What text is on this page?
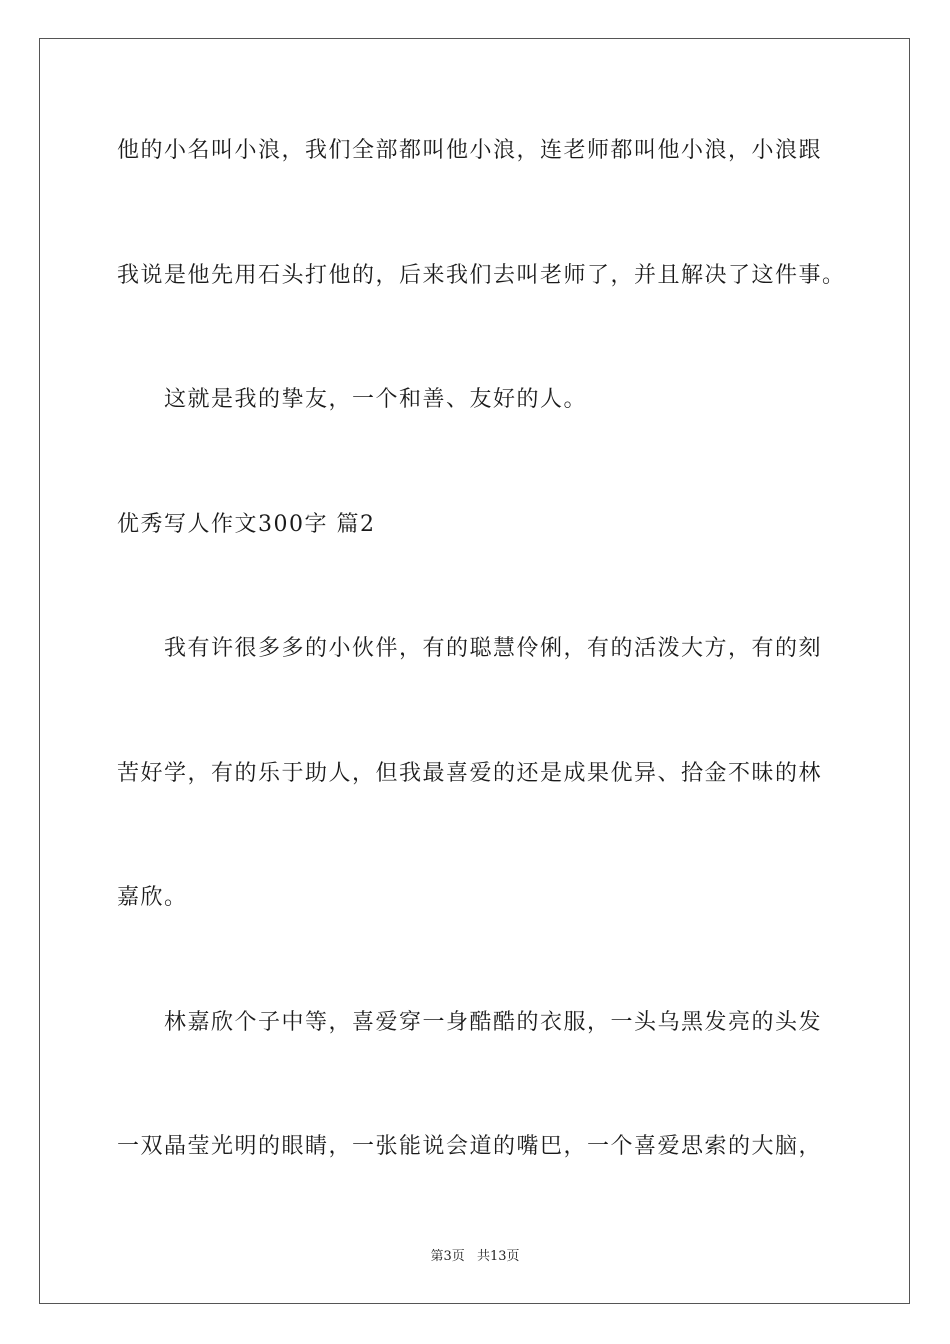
他的小名叫小浪，我们全部都叫他小浪，连老师都叫他小浪，小浪跟
我说是他先用石头打他的，后来我们去叫老师了，并且解决了这件事。
这就是我的挚友，一个和善、友好的人。
优秀写人作文300字 篇2
我有许很多多的小伙伴，有的聪慧伶俐，有的活泼大方，有的刻
苦好学，有的乐于助人，但我最喜爱的还是成果优异、拾金不昧的林
嘉欣。
林嘉欣个子中等，喜爱穿一身酷酷的衣服，一头乌黑发亮的头发
一双晶莹光明的眼睛，一张能说会道的嘴巴，一个喜爱思索的大脑，
第3页 共13页
